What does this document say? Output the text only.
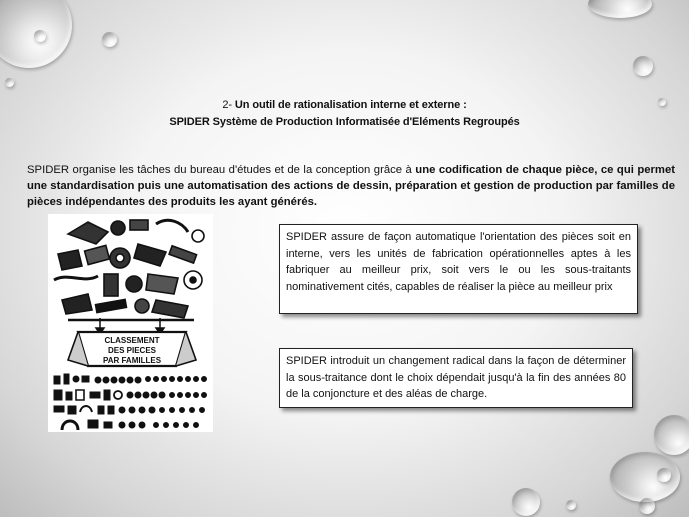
2- Un outil de rationalisation interne et externe :
SPIDER Système de Production Informatisée d'Eléments Regroupés

SPIDER organise les tâches du bureau d'études et de la conception grâce à une codification de chaque pièce, ce qui permet une standardisation puis une automatisation des actions de dessin, préparation et gestion de production par familles de pièces indépendantes des produits les ayant générés.

CLASSEMENT
DES PIECES
PAR FAMILLES
SPIDER assure de façon automatique l'orientation des pièces soit en interne, vers les unités de fabrication opérationnelles aptes à les fabriquer au meilleur prix, soit vers le ou les sous-traitants nominativement cités, capables de réaliser la pièce au meilleur prix
SPIDER introduit un changement radical dans la façon de déterminer la sous-traitance dont le choix dépendait jusqu'à la fin des années 80 de la conjoncture et des aléas de charge.
